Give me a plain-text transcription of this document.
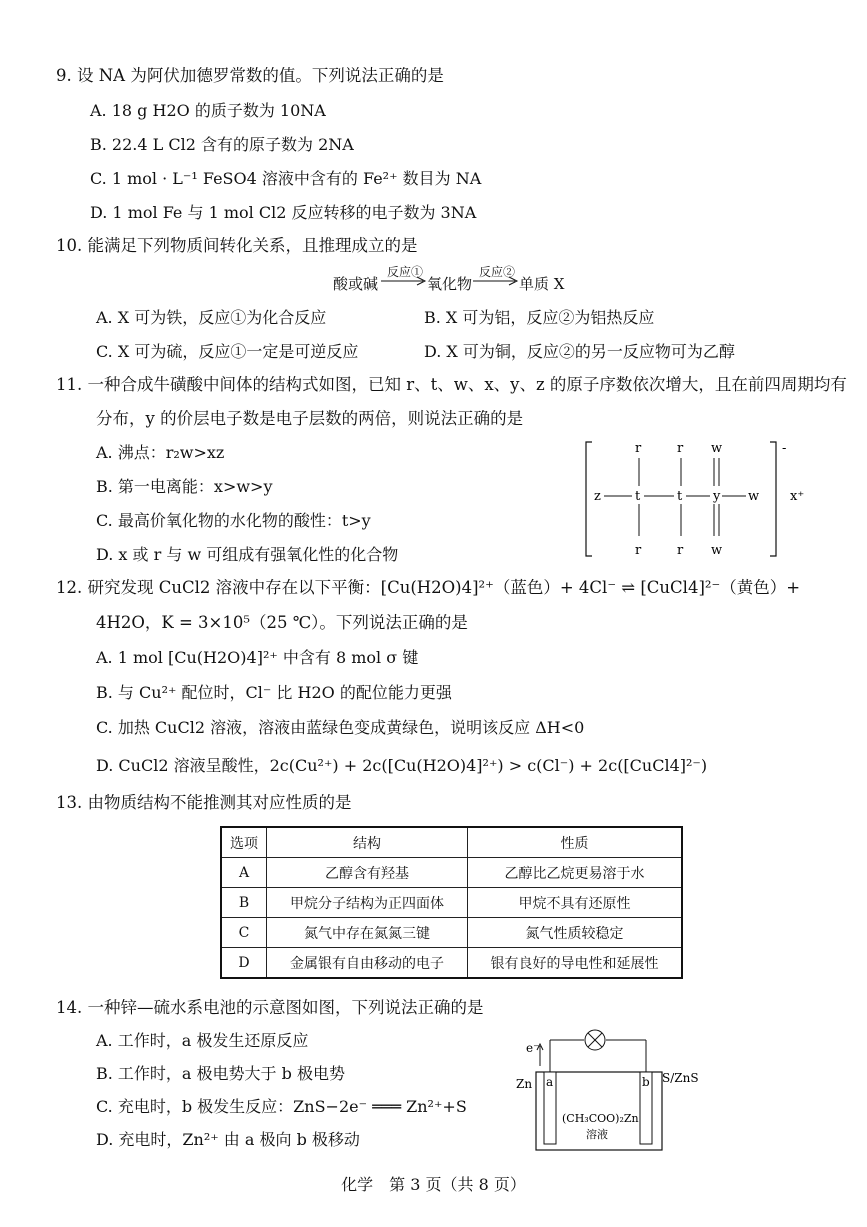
9. 设 NA 为阿伏加德罗常数的值。下列说法正确的是
A. 18 g H2O 的质子数为 10NA
B. 22.4 L Cl2 含有的原子数为 2NA
C. 1 mol · L⁻¹ FeSO4 溶液中含有的 Fe²⁺ 数目为 NA
D. 1 mol Fe 与 1 mol Cl2 反应转移的电子数为 3NA
10. 能满足下列物质间转化关系，且推理成立的是
酸或碱
反应①
氧化物
反应②
单质 X
A. X 可为铁，反应①为化合反应	B. X 可为铝，反应②为铝热反应
C. X 可为硫，反应①一定是可逆反应	D. X 可为铜，反应②的另一反应物可为乙醇
11. 一种合成牛磺酸中间体的结构式如图，已知 r、t、w、x、y、z 的原子序数依次增大，且在前四周期均有
分布，y 的价层电子数是电子层数的两倍，则说法正确的是
A. 沸点：r₂w>xz
B. 第一电离能：x>w>y
C. 最高价氧化物的水化物的酸性：t>y
D. x 或 r 与 w 可组成有强氧化性的化合物
-
x⁺
z	t	t y w
r	r w
r	r w
12. 研究发现 CuCl2 溶液中存在以下平衡：[Cu(H2O)4]²⁺（蓝色）+ 4Cl⁻ ⇌ [CuCl4]²⁻（黄色）+
4H2O，K = 3×10⁵（25 ℃）。下列说法正确的是
A. 1 mol [Cu(H2O)4]²⁺ 中含有 8 mol σ 键
B. 与 Cu²⁺ 配位时，Cl⁻ 比 H2O 的配位能力更强
C. 加热 CuCl2 溶液，溶液由蓝绿色变成黄绿色，说明该反应 ΔH<0
D. CuCl2 溶液呈酸性，2c(Cu²⁺) + 2c([Cu(H2O)4]²⁺) > c(Cl⁻) + 2c([CuCl4]²⁻)
13. 由物质结构不能推测其对应性质的是
选项	结构	性质
A	乙醇含有羟基	乙醇比乙烷更易溶于水
B	甲烷分子结构为正四面体	甲烷不具有还原性
C	氮气中存在氮氮三键	氮气性质较稳定
D	金属银有自由移动的电子	银有良好的导电性和延展性
14. 一种锌—硫水系电池的示意图如图，下列说法正确的是
A. 工作时，a 极发生还原反应
B. 工作时，a 极电势大于 b 极电势
C. 充电时，b 极发生反应：ZnS−2e⁻ ═══ Zn²⁺+S
D. 充电时，Zn²⁺ 由 a 极向 b 极移动
e⁻
a	b
Zn	S/ZnS
(CH₃COO)₂Zn
溶液
化学　第 3 页（共 8 页）
